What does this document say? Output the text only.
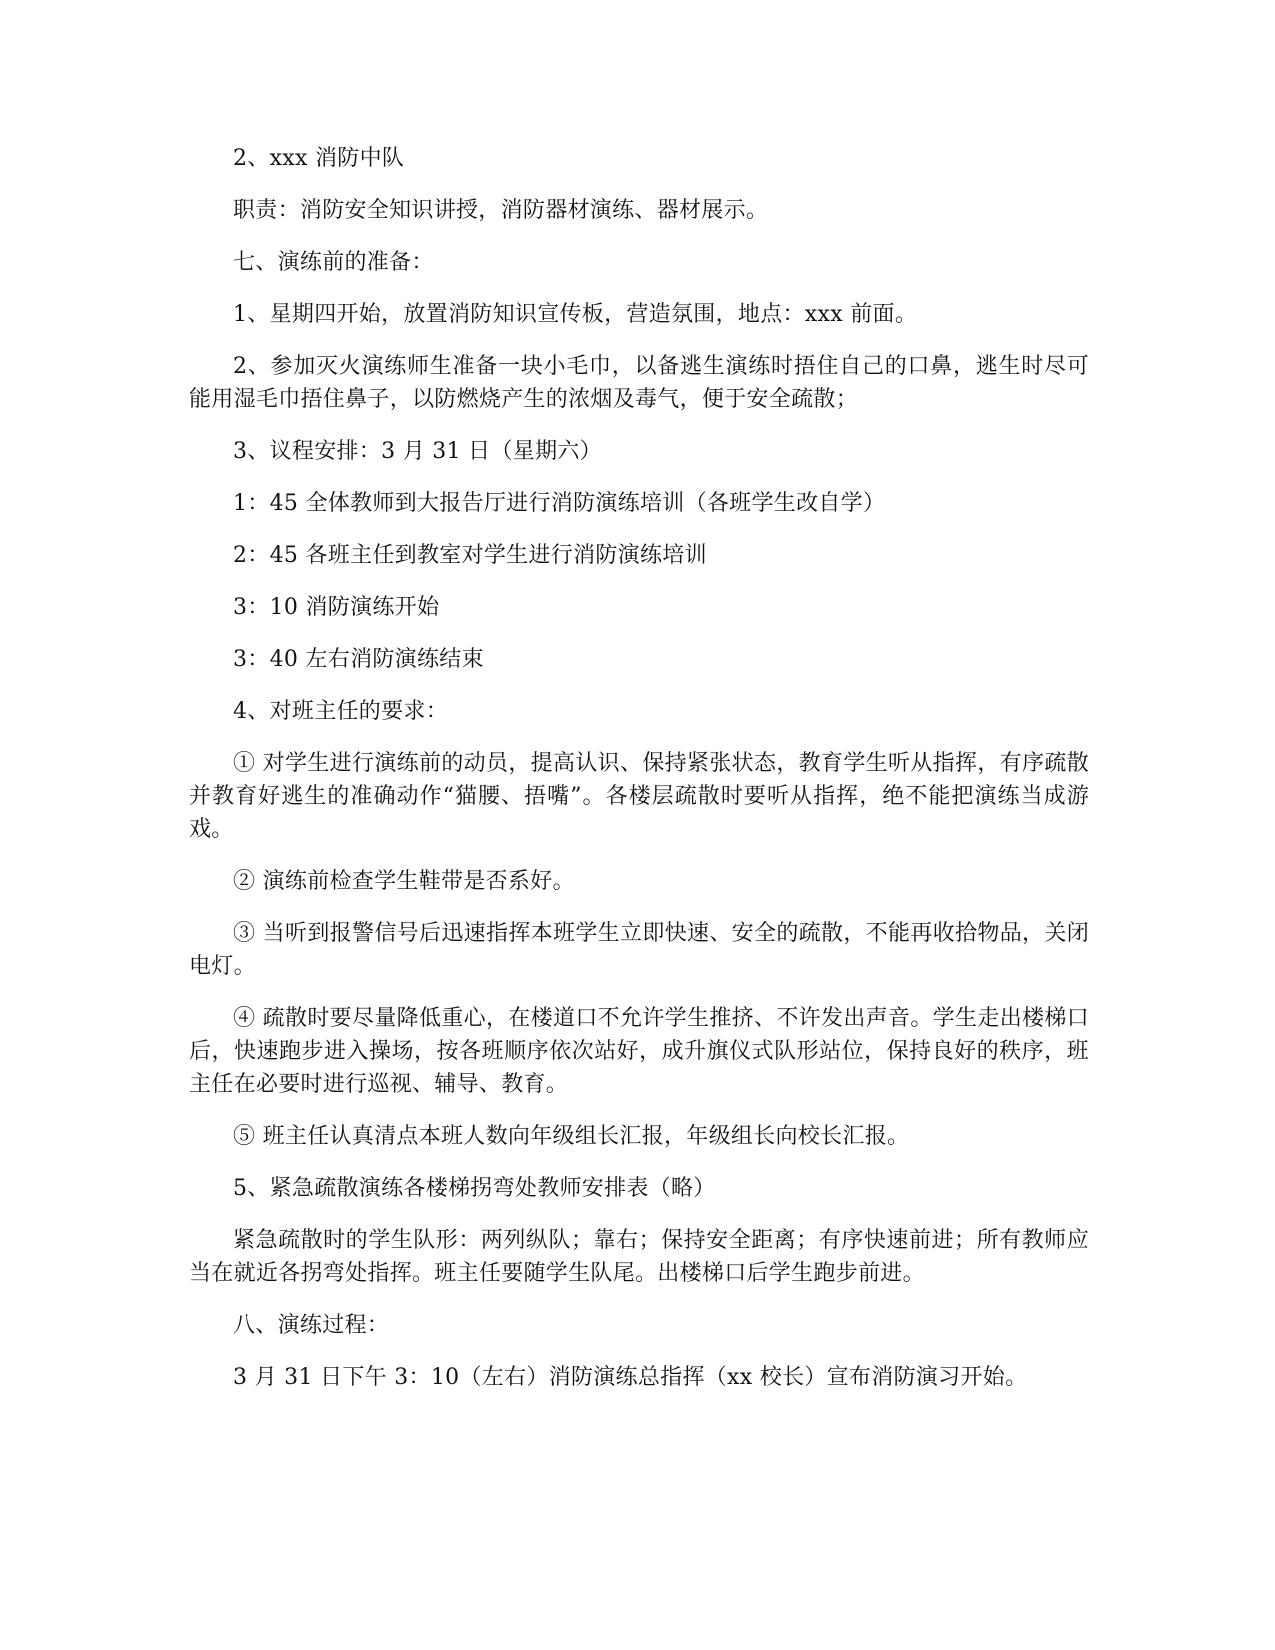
2、xxx 消防中队

职责：消防安全知识讲授，消防器材演练、器材展示。

七、演练前的准备：

1、星期四开始，放置消防知识宣传板，营造氛围，地点：xxx 前面。

2、参加灭火演练师生准备一块小毛巾，以备逃生演练时捂住自己的口鼻，逃生时尽可能用湿毛巾捂住鼻子，以防燃烧产生的浓烟及毒气，便于安全疏散；

3、议程安排：3 月 31 日（星期六）

1：45 全体教师到大报告厅进行消防演练培训（各班学生改自学）

2：45 各班主任到教室对学生进行消防演练培训

3：10 消防演练开始

3：40 左右消防演练结束

4、对班主任的要求：

① 对学生进行演练前的动员，提高认识、保持紧张状态，教育学生听从指挥，有序疏散并教育好逃生的准确动作“猫腰、捂嘴”。各楼层疏散时要听从指挥，绝不能把演练当成游戏。

② 演练前检查学生鞋带是否系好。

③ 当听到报警信号后迅速指挥本班学生立即快速、安全的疏散，不能再收拾物品，关闭电灯。

④ 疏散时要尽量降低重心，在楼道口不允许学生推挤、不许发出声音。学生走出楼梯口后，快速跑步进入操场，按各班顺序依次站好，成升旗仪式队形站位，保持良好的秩序，班主任在必要时进行巡视、辅导、教育。

⑤ 班主任认真清点本班人数向年级组长汇报，年级组长向校长汇报。

5、紧急疏散演练各楼梯拐弯处教师安排表（略）

紧急疏散时的学生队形：两列纵队；靠右；保持安全距离；有序快速前进；所有教师应当在就近各拐弯处指挥。班主任要随学生队尾。出楼梯口后学生跑步前进。

八、演练过程：

3 月 31 日下午 3：10（左右）消防演练总指挥（xx 校长）宣布消防演习开始。
